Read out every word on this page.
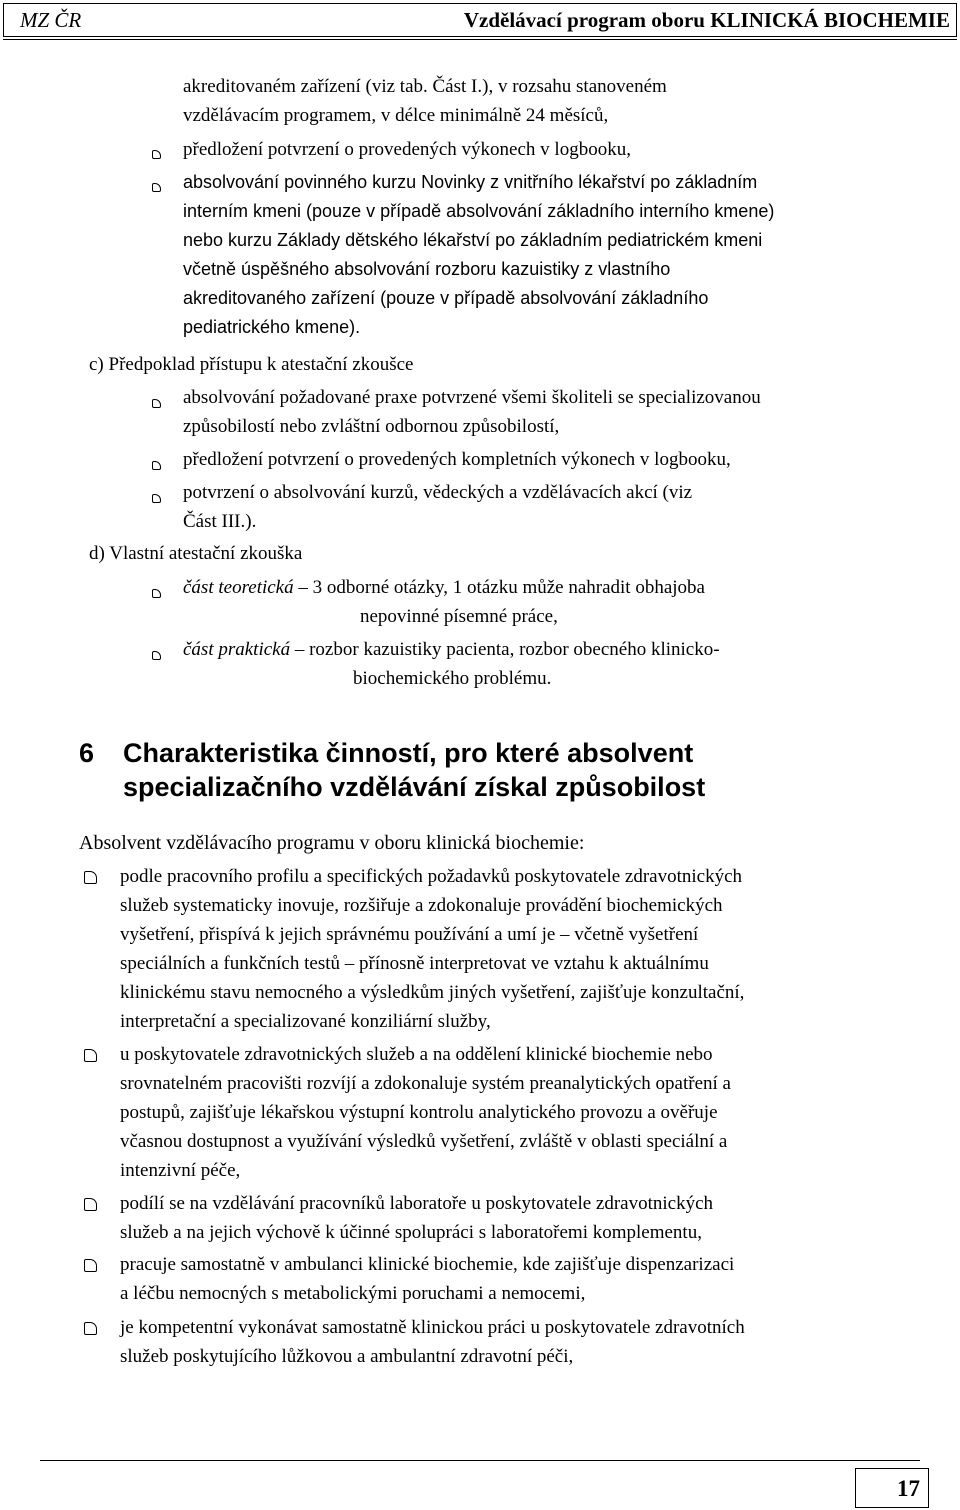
MZ ČR	Vzdělávací program oboru KLINICKÁ BIOCHEMIE
akreditovaném zařízení (viz tab. Část I.), v rozsahu stanoveném
vzdělávacím programem, v délce minimálně 24 měsíců,
předložení potvrzení o provedených výkonech v logbooku,
absolvování povinného kurzu Novinky z vnitřního lékařství po základním
interním kmeni (pouze v případě absolvování základního interního kmene)
nebo kurzu Základy dětského lékařství po základním pediatrickém kmeni
včetně úspěšného absolvování rozboru kazuistiky z vlastního
akreditovaného zařízení (pouze v případě absolvování základního
pediatrického kmene).
c) Předpoklad přístupu k atestační zkoušce
absolvování požadované praxe potvrzené všemi školiteli se specializovanou
způsobilostí nebo zvláštní odbornou způsobilostí,
předložení potvrzení o provedených kompletních výkonech v logbooku,
potvrzení o absolvování kurzů, vědeckých a vzdělávacích akcí (viz
Část III.).
d) Vlastní atestační zkouška
část teoretická – 3 odborné otázky, 1 otázku může nahradit obhajoba
nepovinné písemné práce,
část praktická – rozbor kazuistiky pacienta, rozbor obecného klinicko-
biochemického problému.
6 Charakteristika činností, pro které absolvent
specializačního vzdělávání získal způsobilost
Absolvent vzdělávacího programu v oboru klinická biochemie:
podle pracovního profilu a specifických požadavků poskytovatele zdravotnických
služeb systematicky inovuje, rozšiřuje a zdokonaluje provádění biochemických
vyšetření, přispívá k jejich správnému používání a umí je – včetně vyšetření
speciálních a funkčních testů – přínosně interpretovat ve vztahu k aktuálnímu
klinickému stavu nemocného a výsledkům jiných vyšetření, zajišťuje konzultační,
interpretační a specializované konziliární služby,
u poskytovatele zdravotnických služeb a na oddělení klinické biochemie nebo
srovnatelném pracovišti rozvíjí a zdokonaluje systém preanalytických opatření a
postupů, zajišťuje lékařskou výstupní kontrolu analytického provozu a ověřuje
včasnou dostupnost a využívání výsledků vyšetření, zvláště v oblasti speciální a
intenzivní péče,
podílí se na vzdělávání pracovníků laboratoře u poskytovatele zdravotnických
služeb a na jejich výchově k účinné spolupráci s laboratořemi komplementu,
pracuje samostatně v ambulanci klinické biochemie, kde zajišťuje dispenzarizaci
a léčbu nemocných s metabolickými poruchami a nemocemi,
je kompetentní vykonávat samostatně klinickou práci u poskytovatele zdravotních
služeb poskytujícího lůžkovou a ambulantní zdravotní péči,
17
